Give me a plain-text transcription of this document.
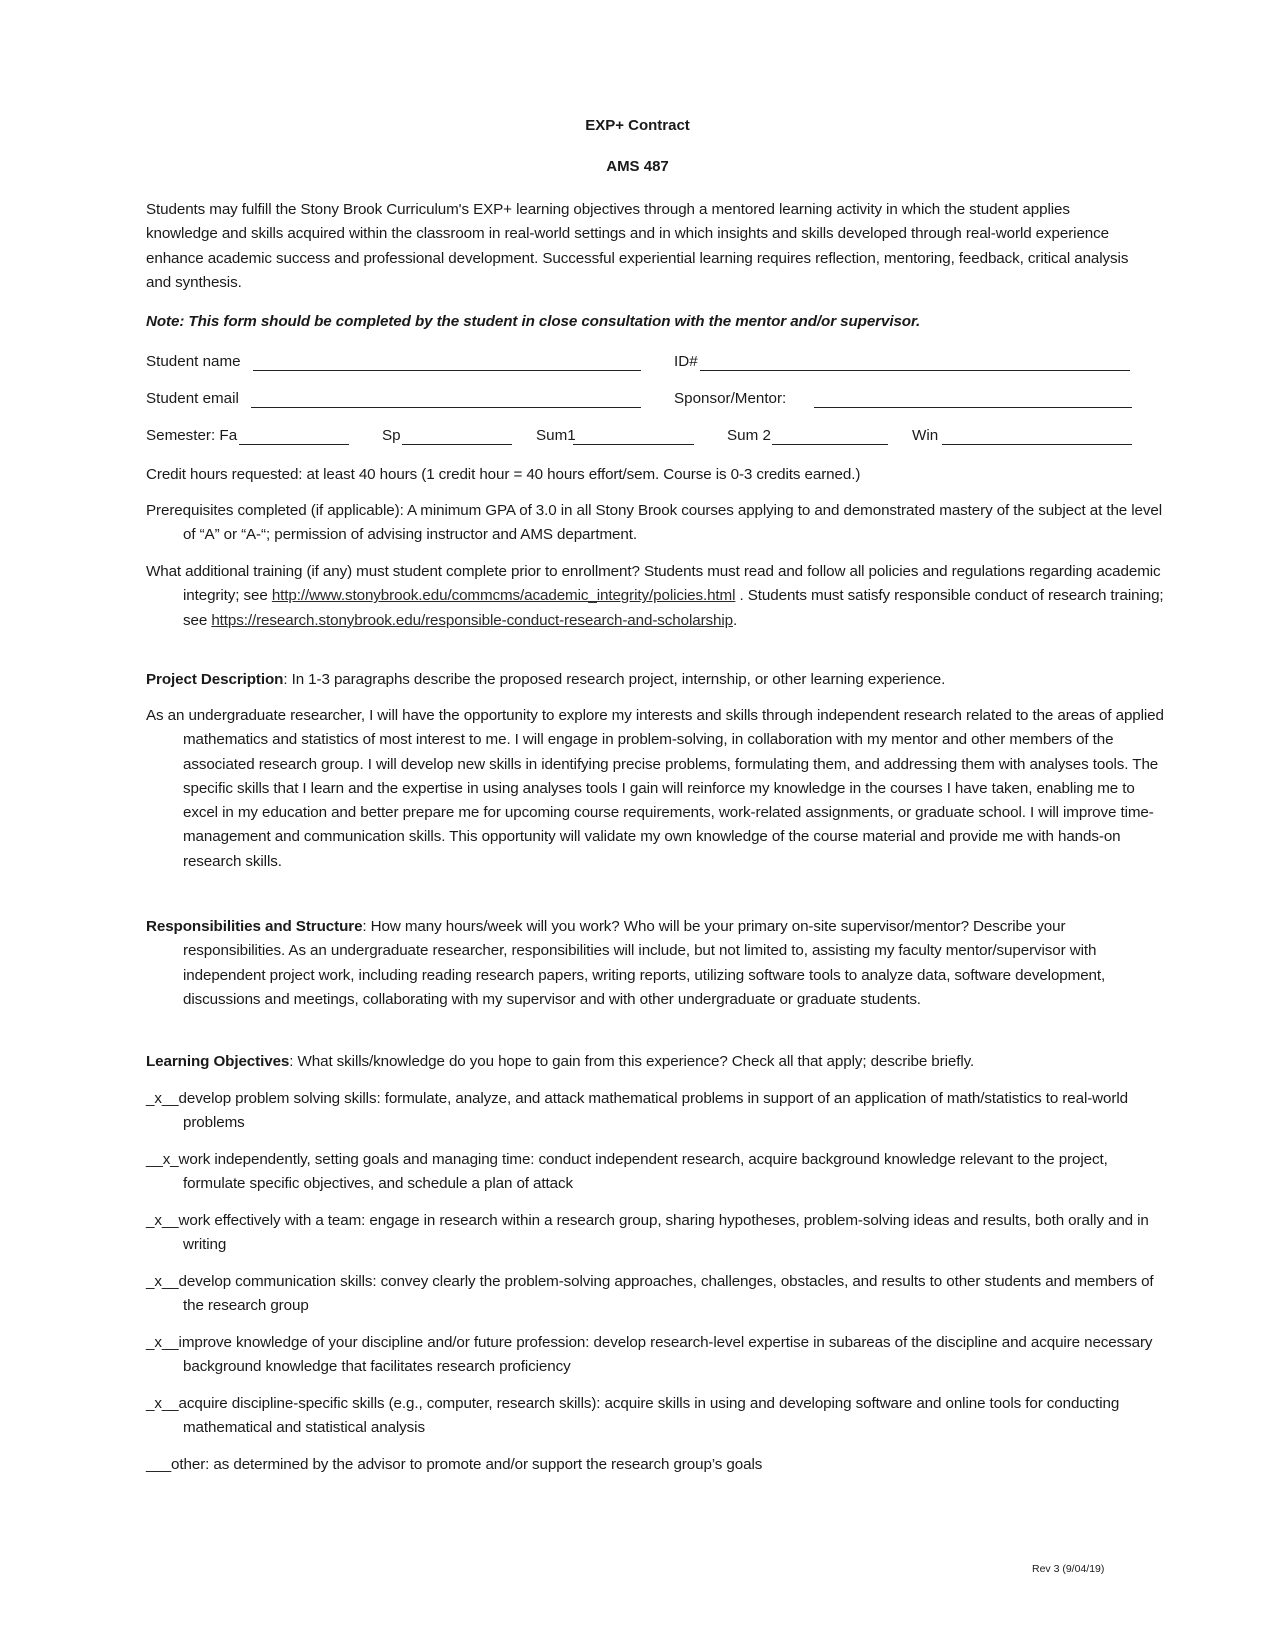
EXP+ Contract
AMS 487
Students may fulfill the Stony Brook Curriculum's EXP+ learning objectives through a mentored learning activity in which the student applies knowledge and skills acquired within the classroom in real-world settings and in which insights and skills developed through real-world experience enhance academic success and professional development. Successful experiential learning requires reflection, mentoring, feedback, critical analysis and synthesis.
Note: This form should be completed by the student in close consultation with the mentor and/or supervisor.
Student name	ID#
Student email	Sponsor/Mentor:
Semester: Fa	Sp	Sum1	Sum 2	Win
Credit hours requested: at least 40 hours (1 credit hour = 40 hours effort/sem. Course is 0-3 credits earned.)
Prerequisites completed (if applicable): A minimum GPA of 3.0 in all Stony Brook courses applying to and demonstrated mastery of the subject at the level of “A” or “A-“; permission of advising instructor and AMS department.
What additional training (if any) must student complete prior to enrollment? Students must read and follow all policies and regulations regarding academic integrity; see http://www.stonybrook.edu/commcms/academic_integrity/policies.html . Students must satisfy responsible conduct of research training; see https://research.stonybrook.edu/responsible-conduct-research-and-scholarship.
Project Description: In 1-3 paragraphs describe the proposed research project, internship, or other learning experience.
As an undergraduate researcher, I will have the opportunity to explore my interests and skills through independent research related to the areas of applied mathematics and statistics of most interest to me. I will engage in problem-solving, in collaboration with my mentor and other members of the associated research group. I will develop new skills in identifying precise problems, formulating them, and addressing them with analyses tools. The specific skills that I learn and the expertise in using analyses tools I gain will reinforce my knowledge in the courses I have taken, enabling me to excel in my education and better prepare me for upcoming course requirements, work-related assignments, or graduate school. I will improve time-management and communication skills. This opportunity will validate my own knowledge of the course material and provide me with hands-on research skills.
Responsibilities and Structure: How many hours/week will you work? Who will be your primary on-site supervisor/mentor? Describe your responsibilities. As an undergraduate researcher, responsibilities will include, but not limited to, assisting my faculty mentor/supervisor with independent project work, including reading research papers, writing reports, utilizing software tools to analyze data, software development, discussions and meetings, collaborating with my supervisor and with other undergraduate or graduate students.
Learning Objectives: What skills/knowledge do you hope to gain from this experience? Check all that apply; describe briefly.
_x__develop problem solving skills: formulate, analyze, and attack mathematical problems in support of an application of math/statistics to real-world problems
__x_work independently, setting goals and managing time: conduct independent research, acquire background knowledge relevant to the project, formulate specific objectives, and schedule a plan of attack
_x__work effectively with a team: engage in research within a research group, sharing hypotheses, problem-solving ideas and results, both orally and in writing
_x__develop communication skills: convey clearly the problem-solving approaches, challenges, obstacles, and results to other students and members of the research group
_x__improve knowledge of your discipline and/or future profession: develop research-level expertise in subareas of the discipline and acquire necessary background knowledge that facilitates research proficiency
_x__acquire discipline-specific skills (e.g., computer, research skills): acquire skills in using and developing software and online tools for conducting mathematical and statistical analysis
___other: as determined by the advisor to promote and/or support the research group’s goals
Rev 3 (9/04/19)
